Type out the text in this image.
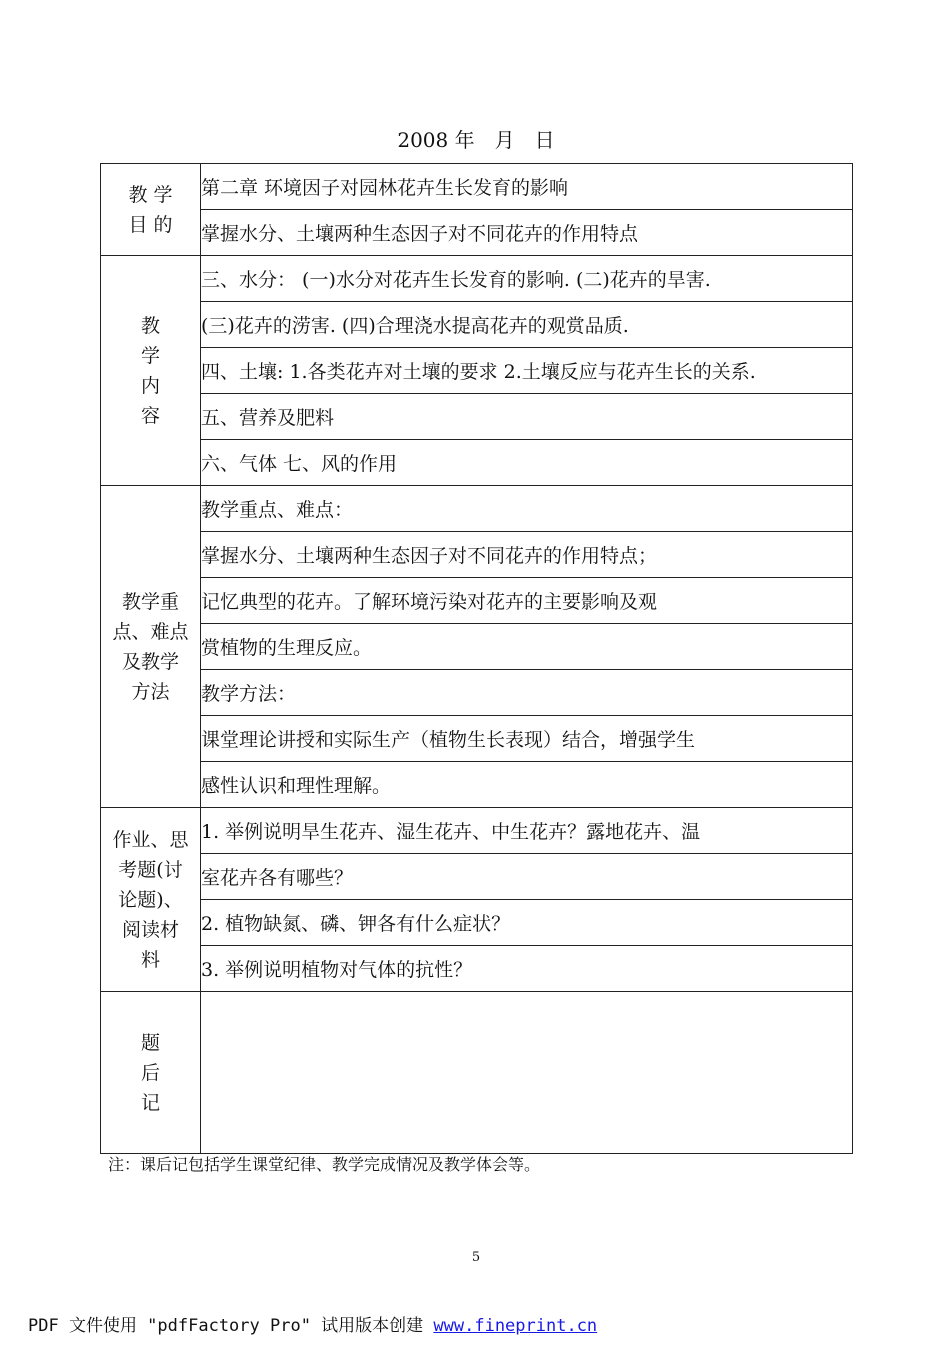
2008 年　月　日
教 学
目 的	第二章 环境因子对园林花卉生长发育的影响
	掌握水分、土壤两种生态因子对不同花卉的作用特点
教
学
内
容	三、水分： (一)水分对花卉生长发育的影响. (二)花卉的旱害.
	(三)花卉的涝害. (四)合理浇水提高花卉的观赏品质.
	四、土壤: 1.各类花卉对土壤的要求 2.土壤反应与花卉生长的关系.
	五、营养及肥料
	六、气体 七、风的作用
教学重
点、难点
及教学
方法	教学重点、难点：
	掌握水分、土壤两种生态因子对不同花卉的作用特点；
	记忆典型的花卉。了解环境污染对花卉的主要影响及观
	赏植物的生理反应。
	教学方法：
	课堂理论讲授和实际生产（植物生长表现）结合，增强学生
	感性认识和理性理解。
作业、思
考题(讨
论题)、
阅读材
料	1. 举例说明旱生花卉、湿生花卉、中生花卉？露地花卉、温
	室花卉各有哪些？
	2. 植物缺氮、磷、钾各有什么症状？
	3. 举例说明植物对气体的抗性？
题
后
记	
注：课后记包括学生课堂纪律、教学完成情况及教学体会等。
5
PDF 文件使用 "pdfFactory Pro" 试用版本创建 www.fineprint.cn
